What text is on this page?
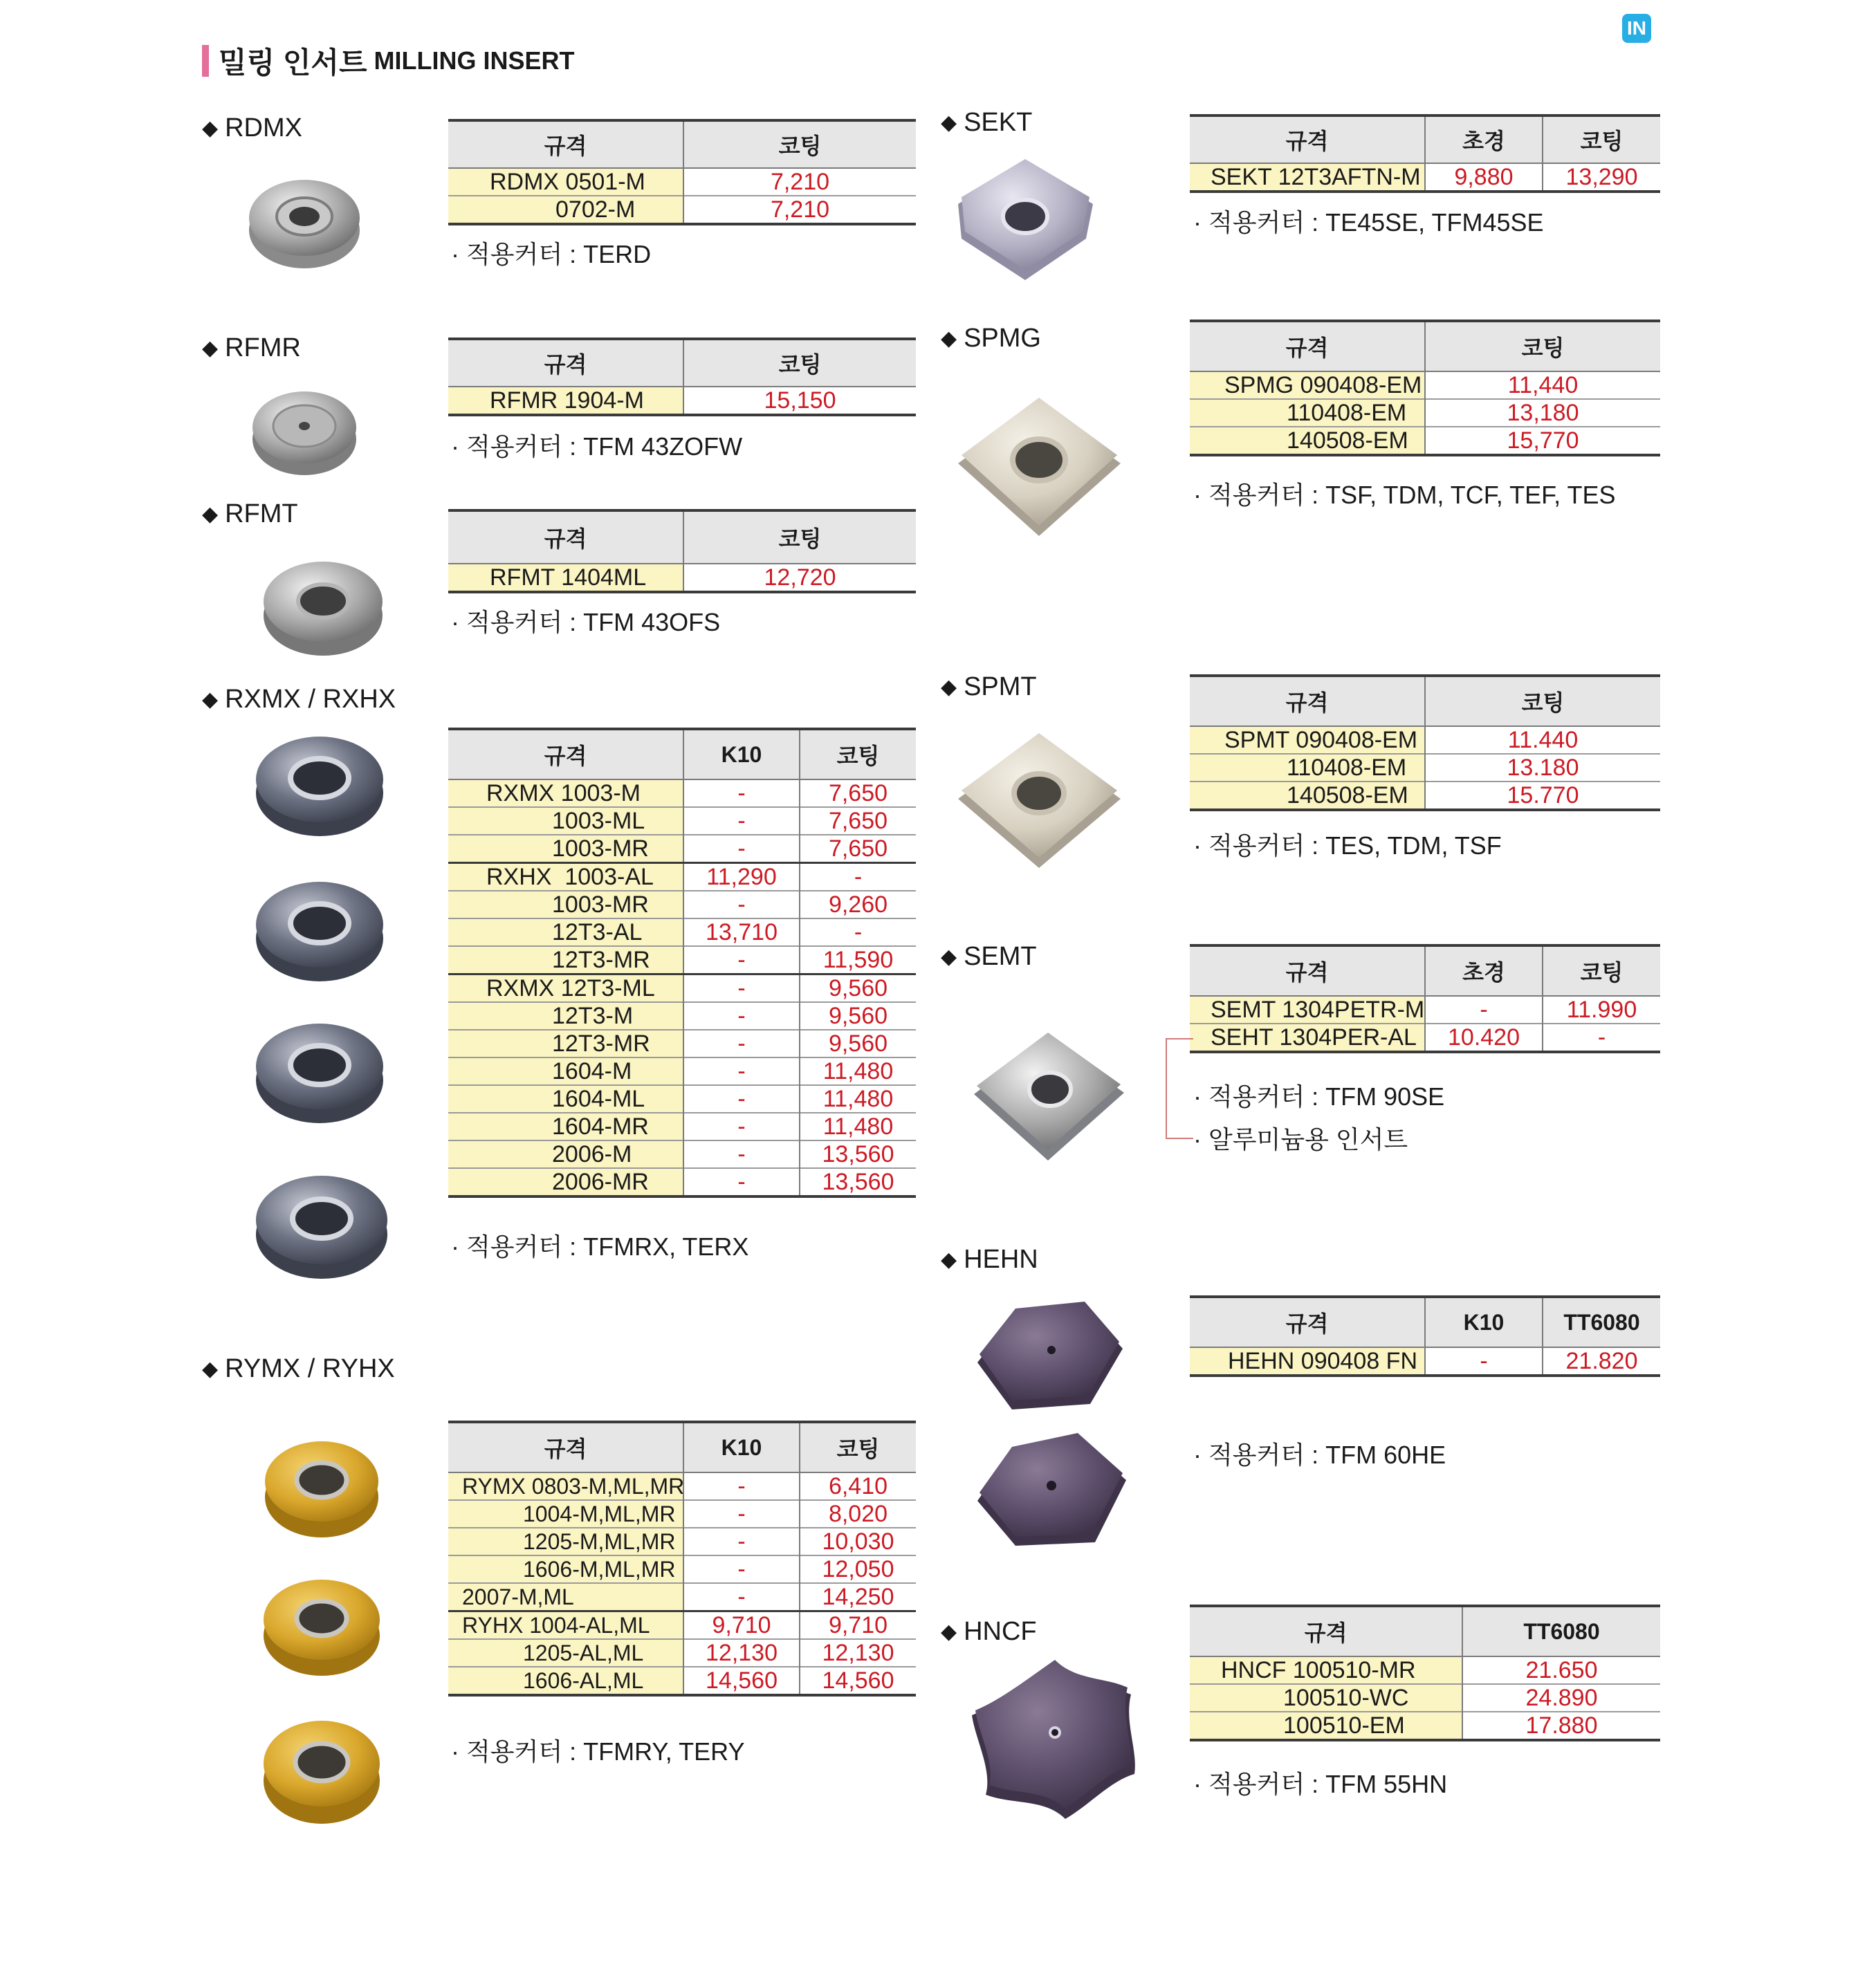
밀링 인서트 MILLING INSERT
IN
◆ RDMX
규격	코팅
RDMX 0501-M	7,210
0702-M	7,210
· 적용커터 : TERD
◆ RFMR
규격	코팅
RFMR 1904-M	15,150
· 적용커터 : TFM 43ZOFW
◆ RFMT
규격	코팅
RFMT 1404ML	12,720
· 적용커터 : TFM 43OFS
◆ RXMX / RXHX
규격	K10	코팅
RXMX 1003-M	-	7,650
1003-ML	-	7,650
1003-MR	-	7,650
RXHX  1003-AL	11,290	-
1003-MR	-	9,260
12T3-AL	13,710	-
12T3-MR	-	11,590
RXMX 12T3-ML	-	9,560
12T3-M	-	9,560
12T3-MR	-	9,560
1604-M	-	11,480
1604-ML	-	11,480
1604-MR	-	11,480
2006-M	-	13,560
2006-MR	-	13,560
· 적용커터 : TFMRX, TERX
◆ RYMX / RYHX
규격	K10	코팅
RYMX 0803-M,ML,MR	-	6,410
1004-M,ML,MR	-	8,020
1205-M,ML,MR	-	10,030
1606-M,ML,MR	-	12,050
2007-M,ML	-	14,250
RYHX 1004-AL,ML	9,710	9,710
1205-AL,ML	12,130	12,130
1606-AL,ML	14,560	14,560
· 적용커터 : TFMRY, TERY
◆ SEKT
규격	초경	코팅
SEKT 12T3AFTN-M	9,880	13,290
· 적용커터 : TE45SE, TFM45SE
◆ SPMG	규격	코팅
SPMG 090408-EM	11,440
110408-EM	13,180
140508-EM	15,770
· 적용커터 : TSF, TDM, TCF, TEF, TES
◆ SPMT
규격	코팅
SPMT 090408-EM	11.440
110408-EM	13.180
140508-EM	15.770
· 적용커터 : TES, TDM, TSF
◆ SEMT
규격	초경	코팅
SEMT 1304PETR-M	-	11.990
SEHT 1304PER-AL	10.420	-
· 적용커터 : TFM 90SE
· 알루미늄용 인서트
◆ HEHN
규격	K10	TT6080
HEHN 090408 FN	-	21.820
· 적용커터 : TFM 60HE
◆ HNCF	규격	TT6080
HNCF 100510-MR	21.650
100510-WC	24.890
100510-EM	17.880
· 적용커터 : TFM 55HN
